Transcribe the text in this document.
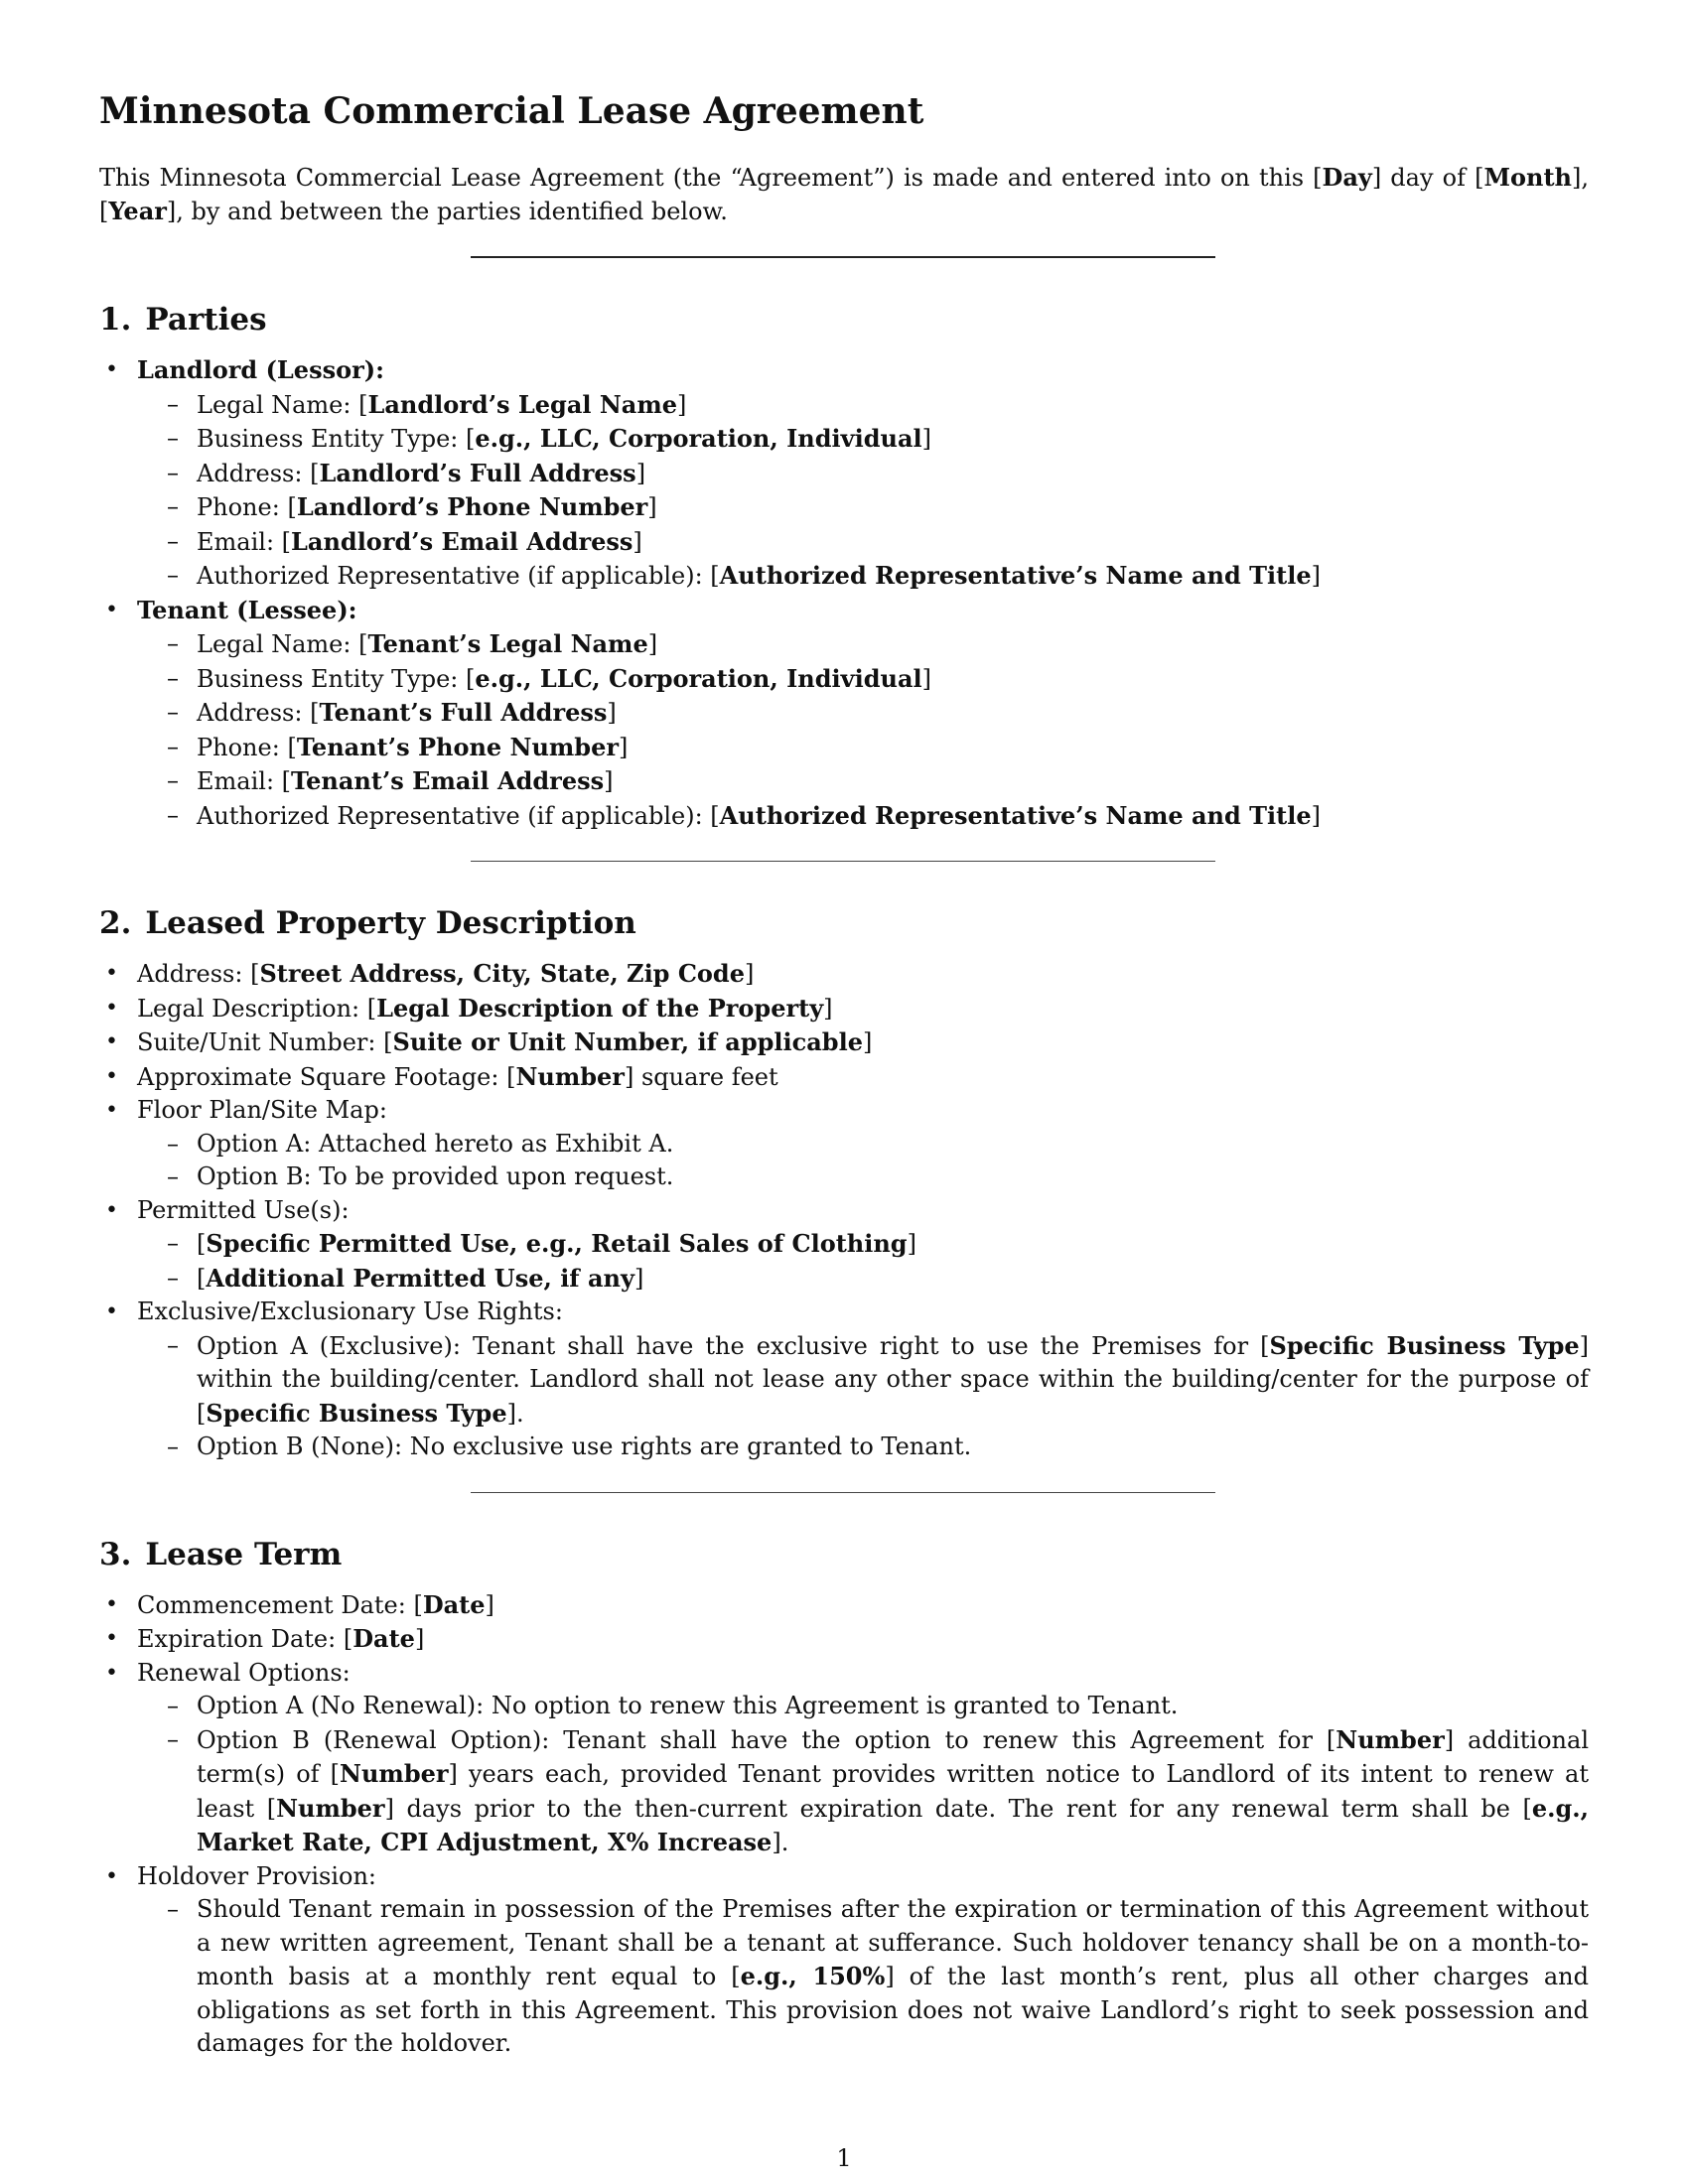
Minnesota Commercial Lease Agreement

This Minnesota Commercial Lease Agreement (the “Agreement”) is made and entered into on this [Day] day of [Month], [Year], by and between the parties identified below.

1. Parties
• Landlord (Lessor):
– Legal Name: [Landlord’s Legal Name]
– Business Entity Type: [e.g., LLC, Corporation, Individual]
– Address: [Landlord’s Full Address]
– Phone: [Landlord’s Phone Number]
– Email: [Landlord’s Email Address]
– Authorized Representative (if applicable): [Authorized Representative’s Name and Title]
• Tenant (Lessee):
– Legal Name: [Tenant’s Legal Name]
– Business Entity Type: [e.g., LLC, Corporation, Individual]
– Address: [Tenant’s Full Address]
– Phone: [Tenant’s Phone Number]
– Email: [Tenant’s Email Address]
– Authorized Representative (if applicable): [Authorized Representative’s Name and Title]
2. Leased Property Description
• Address: [Street Address, City, State, Zip Code]
• Legal Description: [Legal Description of the Property]
• Suite/Unit Number: [Suite or Unit Number, if applicable]
• Approximate Square Footage: [Number] square feet
• Floor Plan/Site Map:
– Option A: Attached hereto as Exhibit A.
– Option B: To be provided upon request.
• Permitted Use(s):
– [Specific Permitted Use, e.g., Retail Sales of Clothing]
– [Additional Permitted Use, if any]
• Exclusive/Exclusionary Use Rights:
– Option A (Exclusive): Tenant shall have the exclusive right to use the Premises for [Specific Business Type] within the building/center. Landlord shall not lease any other space within the building/center for the purpose of [Specific Business Type].
– Option B (None): No exclusive use rights are granted to Tenant.
3. Lease Term
• Commencement Date: [Date]
• Expiration Date: [Date]
• Renewal Options:
– Option A (No Renewal): No option to renew this Agreement is granted to Tenant.
– Option B (Renewal Option): Tenant shall have the option to renew this Agreement for [Number] additional term(s) of [Number] years each, provided Tenant provides written notice to Landlord of its intent to renew at least [Number] days prior to the then-current expiration date. The rent for any renewal term shall be [e.g., Market Rate, CPI Adjustment, X% Increase].
• Holdover Provision:
– Should Tenant remain in possession of the Premises after the expiration or termination of this Agreement without a new written agreement, Tenant shall be a tenant at sufferance. Such holdover tenancy shall be on a month-to-month basis at a monthly rent equal to [e.g., 150%] of the last month’s rent, plus all other charges and obligations as set forth in this Agreement. This provision does not waive Landlord’s right to seek possession and damages for the holdover.
1
